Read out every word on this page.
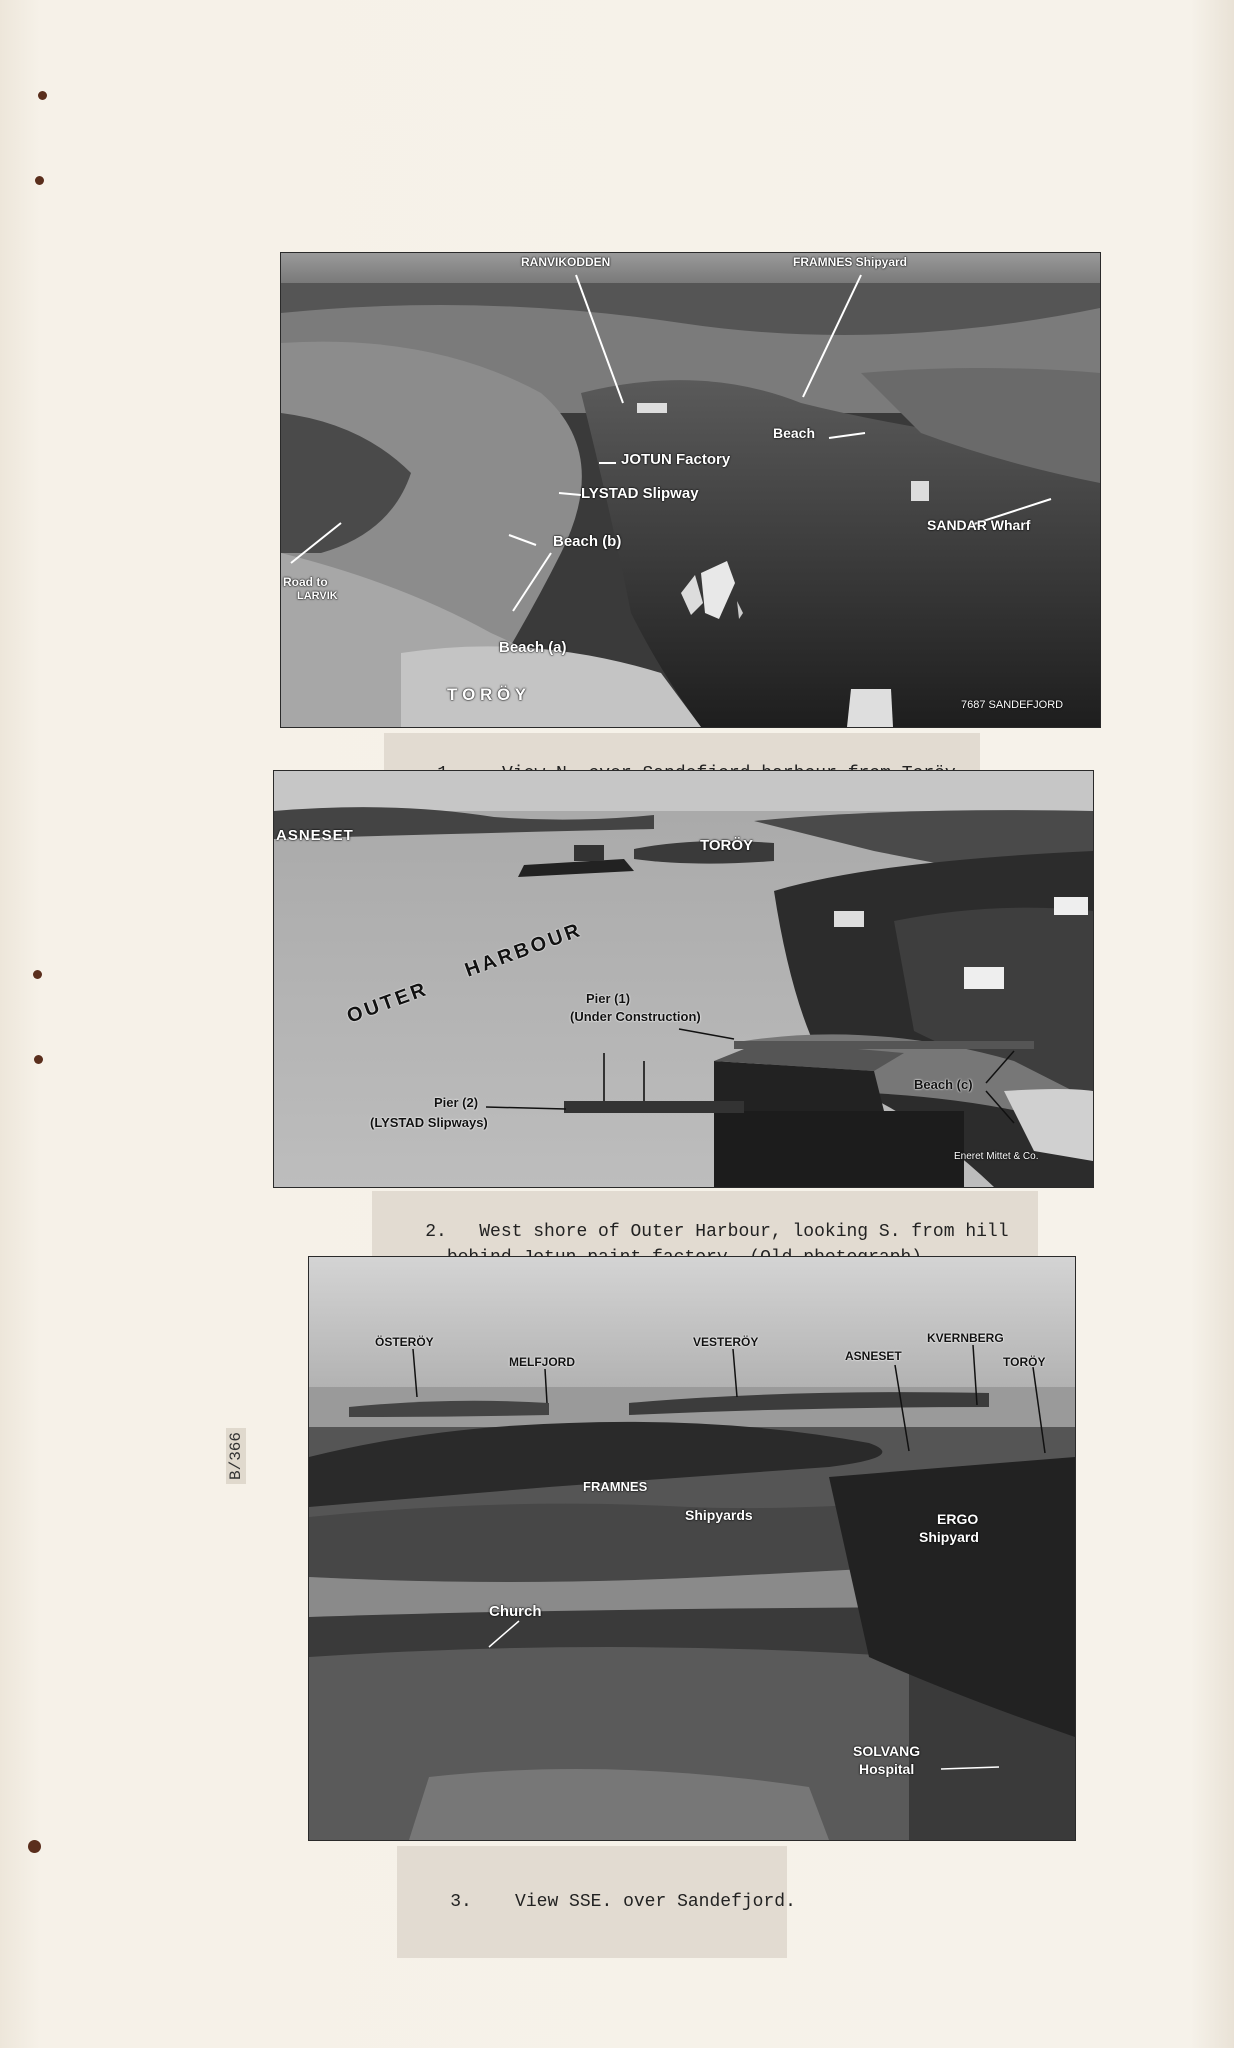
B/366
RANVIKODDEN	FRAMNES Shipyard
Beach
JOTUN Factory
LYSTAD Slipway
SANDAR Wharf
Beach (b)
Road to
LARVIK
Beach (a)
T O R Ö Y
7687 SANDEFJORD

ASNESET
TORÖY
OUTER
HARBOUR
Pier (1)
(Under Construction)
Pier (2)
(LYSTAD Slipways)
Beach (c)
Eneret Mittet & Co.

2. West shore of Outer Harbour, looking S. from hill

ÖSTERÖY
MELFJORD
VESTERÖY
ASNESET
KVERNBERG
TORÖY
FRAMNES
Shipyards	ERGO
Shipyard
Church
SOLVANG
Hospital

3. View SSE. over Sandefjord.
